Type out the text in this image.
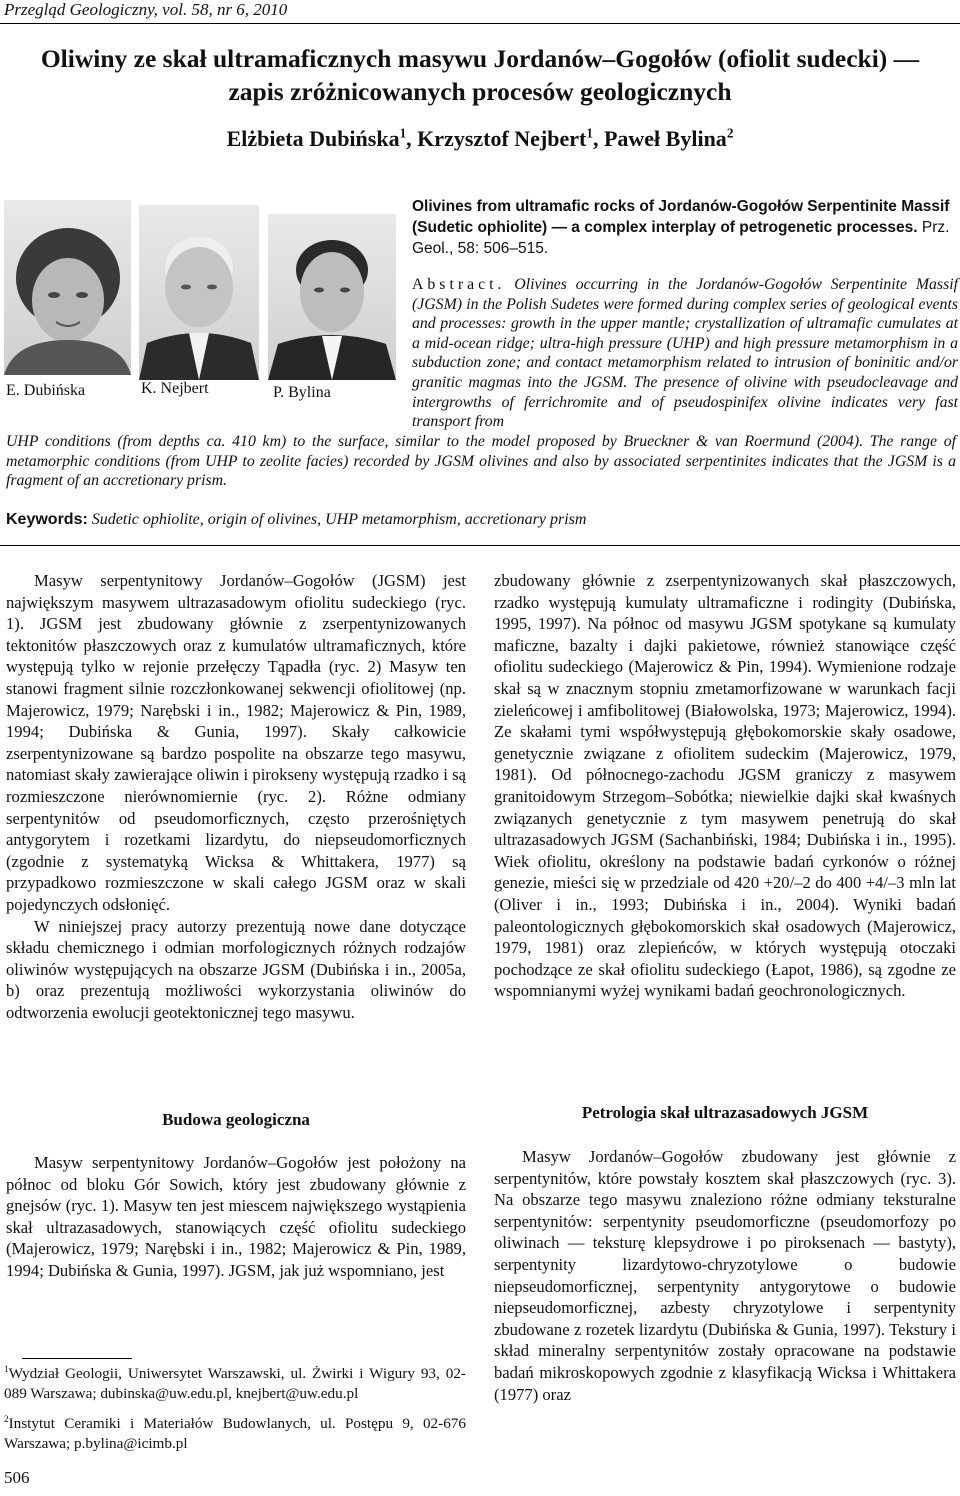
Przegląd Geologiczny, vol. 58, nr 6, 2010
Oliwiny ze skał ultramaficznych masywu Jordanów–Gogołów (ofiolit sudecki) —
zapis zróżnicowanych procesów geologicznych
Elżbieta Dubińska$^1$, Krzysztof Nejbert$^1$, Paweł Bylina$^2$
E. Dubińska	K. Nejbert	P. Bylina
Olivines from ultramafic rocks of Jordanów-Gogołów Serpentinite Massif (Sudetic ophiolite) — a complex interplay of petrogenetic processes. Prz. Geol., 58: 506–515.
Abstract. Olivines occurring in the Jordanów-Gogołów Serpentinite Massif (JGSM) in the Polish Sudetes were formed during complex series of geological events and processes: growth in the upper mantle; crystallization of ultramafic cumulates at a mid-ocean ridge; ultra-high pressure (UHP) and high pressure metamorphism in a subduction zone; and contact metamorphism related to intrusion of boninitic and/or granitic magmas into the JGSM. The presence of olivine with pseudocleavage and intergrowths of ferrichromite and of pseudospinifex olivine indicates very fast transport from
UHP conditions (from depths ca. 410 km) to the surface, similar to the model proposed by Brueckner & van Roermund (2004). The range of metamorphic conditions (from UHP to zeolite facies) recorded by JGSM olivines and also by associated serpentinites indicates that the JGSM is a fragment of an accretionary prism.
Keywords: Sudetic ophiolite, origin of olivines, UHP metamorphism, accretionary prism

Masyw serpentynitowy Jordanów–Gogołów (JGSM) jest największym masywem ultrazasadowym ofiolitu sudeckiego (ryc. 1). JGSM jest zbudowany głównie z zserpentynizowanych tektonitów płaszczowych oraz z kumulatów ultramaficznych, które występują tylko w rejonie przełęczy Tąpadła (ryc. 2) Masyw ten stanowi fragment silnie rozczłonkowanej sekwencji ofiolitowej (np. Majerowicz, 1979; Narębski i in., 1982; Majerowicz & Pin, 1989, 1994; Dubińska & Gunia, 1997). Skały całkowicie zserpentynizowane są bardzo pospolite na obszarze tego masywu, natomiast skały zawierające oliwin i pirokseny występują rzadko i są rozmieszczone nierównomiernie (ryc. 2). Różne odmiany serpentynitów od pseudomorficznych, często przerośniętych antygorytem i rozetkami lizardytu, do niepseudomorficznych (zgodnie z systematyką Wicksa & Whittakera, 1977) są przypadkowo rozmieszczone w skali całego JGSM oraz w skali pojedynczych odsłonięć.

W niniejszej pracy autorzy prezentują nowe dane dotyczące składu chemicznego i odmian morfologicznych różnych rodzajów oliwinów występujących na obszarze JGSM (Dubińska i in., 2005a, b) oraz prezentują możliwości wykorzystania oliwinów do odtworzenia ewolucji geotektonicznej tego masywu.

Budowa geologiczna

Masyw serpentynitowy Jordanów–Gogołów jest położony na północ od bloku Gór Sowich, który jest zbudowany głównie z gnejsów (ryc. 1). Masyw ten jest miescem największego wystąpienia skał ultrazasadowych, stanowiących część ofiolitu sudeckiego (Majerowicz, 1979; Narębski i in., 1982; Majerowicz & Pin, 1989, 1994; Dubińska & Gunia, 1997). JGSM, jak już wspomniano, jest

$^1$Wydział Geologii, Uniwersytet Warszawski, ul. Żwirki i Wigury 93, 02-089 Warszawa; dubinska@uw.edu.pl, knejbert@uw.edu.pl
$^2$Instytut Ceramiki i Materiałów Budowlanych, ul. Postępu 9, 02-676 Warszawa; p.bylina@icimb.pl

zbudowany głównie z zserpentynizowanych skał płaszczowych, rzadko występują kumulaty ultramaficzne i rodingity (Dubińska, 1995, 1997). Na północ od masywu JGSM spotykane są kumulaty maficzne, bazalty i dajki pakietowe, również stanowiące część ofiolitu sudeckiego (Majerowicz & Pin, 1994). Wymienione rodzaje skał są w znacznym stopniu zmetamorfizowane w warunkach facji zieleńcowej i amfibolitowej (Białowolska, 1973; Majerowicz, 1994). Ze skałami tymi współwystępują głębokomorskie skały osadowe, genetycznie związane z ofiolitem sudeckim (Majerowicz, 1979, 1981). Od północnego-zachodu JGSM graniczy z masywem granitoidowym Strzegom–Sobótka; niewielkie dajki skał kwaśnych związanych genetycznie z tym masywem penetrują do skał ultrazasadowych JGSM (Sachanbiński, 1984; Dubińska i in., 1995). Wiek ofiolitu, określony na podstawie badań cyrkonów o różnej genezie, mieści się w przedziale od 420 +20/–2 do 400 +4/–3 mln lat (Oliver i in., 1993; Dubińska i in., 2004). Wyniki badań paleontologicznych głębokomorskich skał osadowych (Majerowicz, 1979, 1981) oraz zlepieńców, w których występują otoczaki pochodzące ze skał ofiolitu sudeckiego (Łapot, 1986), są zgodne ze wspomnianymi wyżej wynikami badań geochronologicznych.

Petrologia skał ultrazasadowych JGSM

Masyw Jordanów–Gogołów zbudowany jest głównie z serpentynitów, które powstały kosztem skał płaszczowych (ryc. 3). Na obszarze tego masywu znaleziono różne odmiany teksturalne serpentynitów: serpentynity pseudomorficzne (pseudomorfozy po oliwinach — teksturę klepsydrowe i po piroksenach — bastyty), serpentynity lizardytowo-chryzotylowe o budowie niepseudomorficznej, serpentynity antygorytowe o budowie niepseudomorficznej, azbesty chryzotylowe i serpentynity zbudowane z rozetek lizardytu (Dubińska & Gunia, 1997). Tekstury i skład mineralny serpentynitów zostały opracowane na podstawie badań mikroskopowych zgodnie z klasyfikacją Wicksa i Whittakera (1977) oraz

506
